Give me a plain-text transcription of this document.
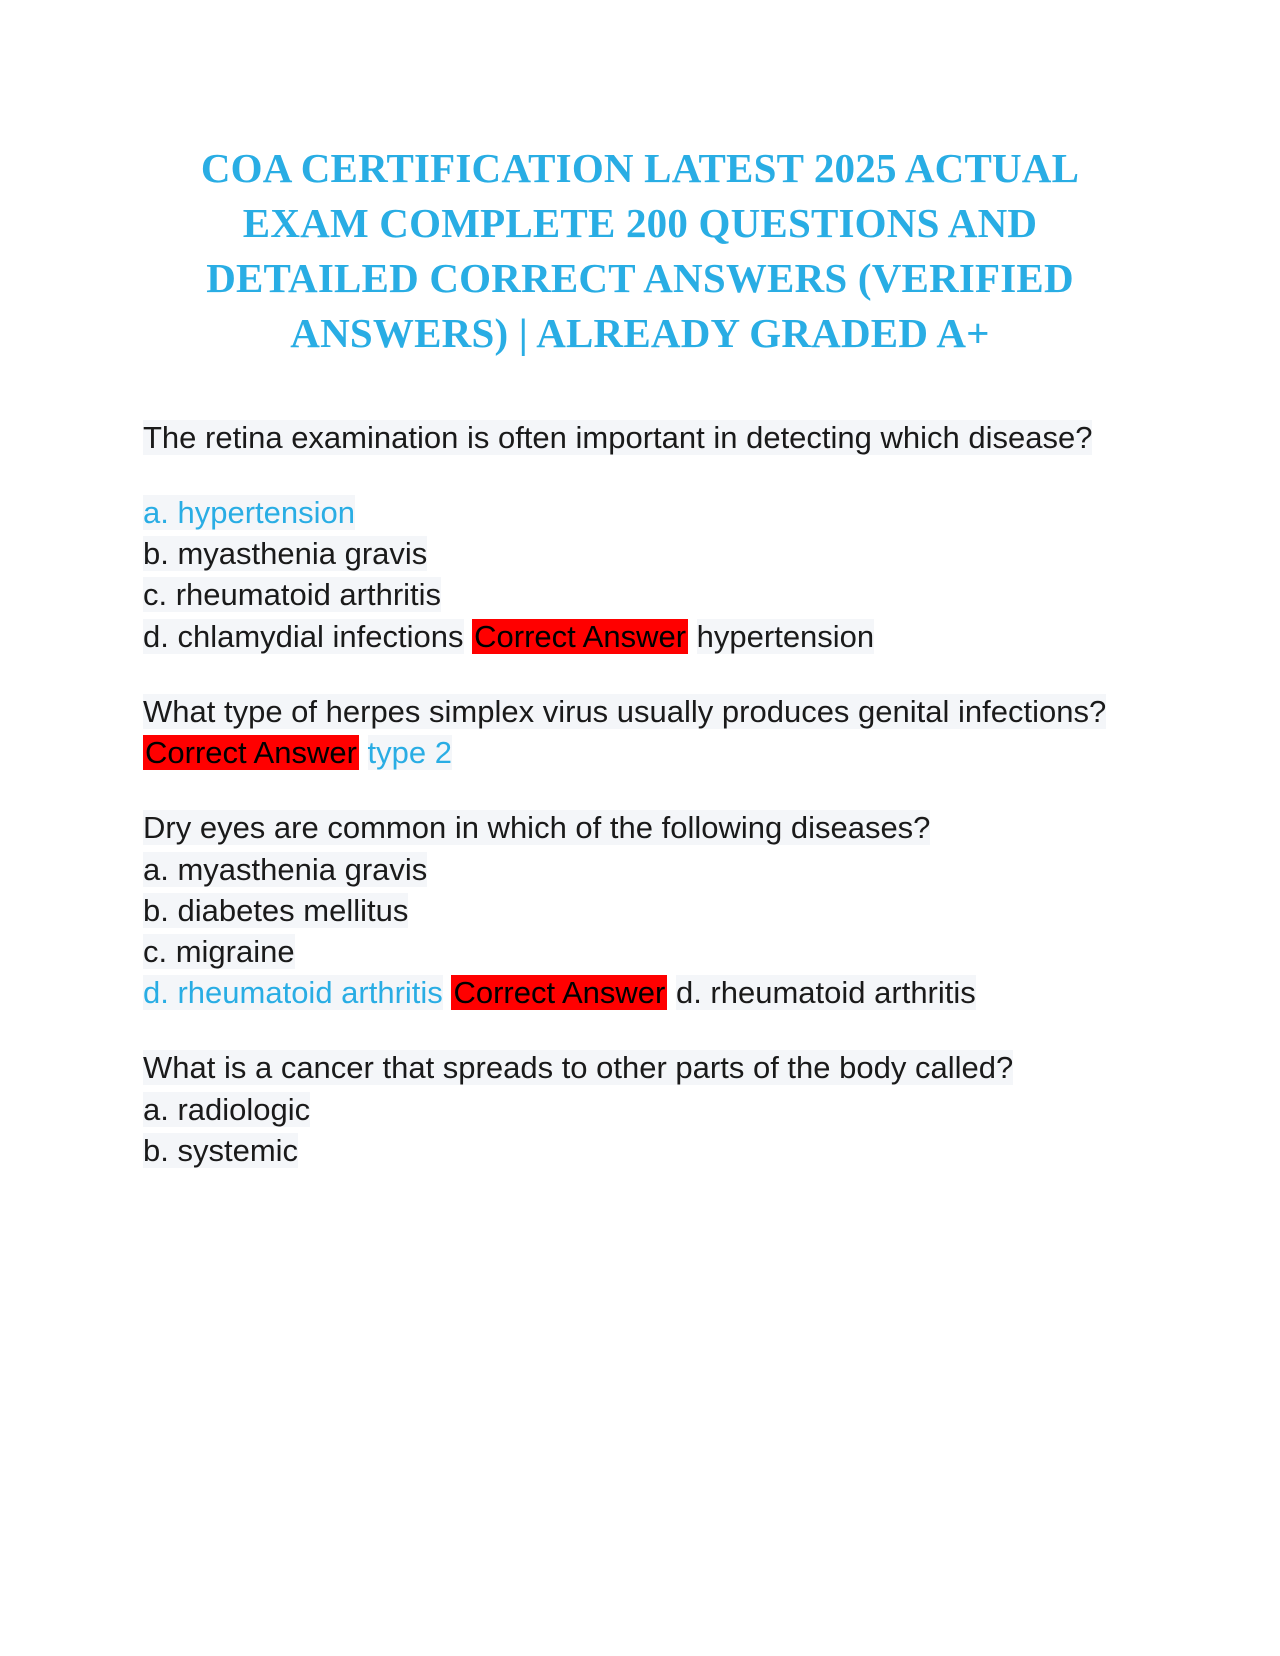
COA CERTIFICATION LATEST 2025 ACTUAL EXAM COMPLETE 200 QUESTIONS AND DETAILED CORRECT ANSWERS (VERIFIED ANSWERS) | ALREADY GRADED A+

The retina examination is often important in detecting which disease?

a. hypertension

b. myasthenia gravis

c. rheumatoid arthritis

d. chlamydial infections Correct Answer hypertension

What type of herpes simplex virus usually produces genital infections? Correct Answer type 2

Dry eyes are common in which of the following diseases?

a. myasthenia gravis

b. diabetes mellitus

c. migraine

d. rheumatoid arthritis Correct Answer d. rheumatoid arthritis

What is a cancer that spreads to other parts of the body called?

a. radiologic

b. systemic
